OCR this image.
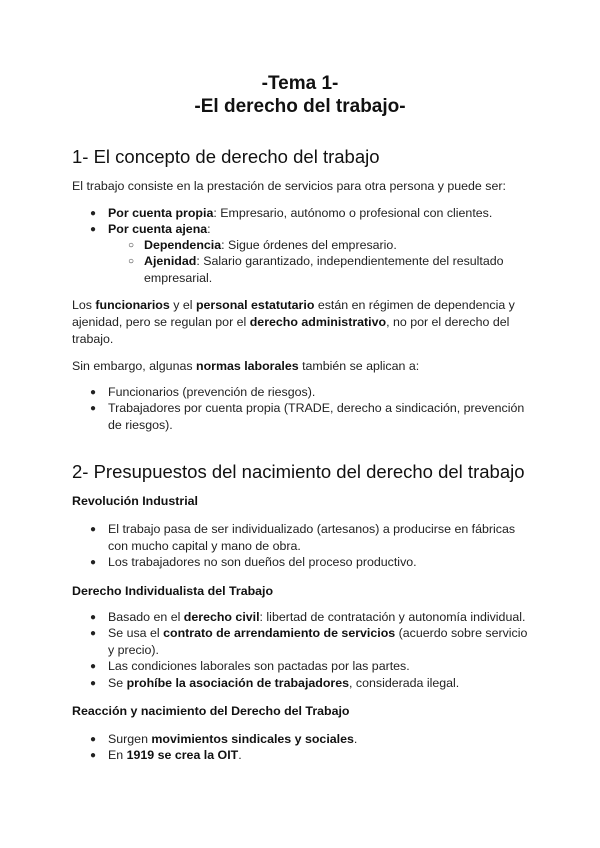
-Tema 1-
-El derecho del trabajo-
1- El concepto de derecho del trabajo
El trabajo consiste en la prestación de servicios para otra persona y puede ser:
● Por cuenta propia: Empresario, autónomo o profesional con clientes.
● Por cuenta ajena:
○ Dependencia: Sigue órdenes del empresario.
○ Ajenidad: Salario garantizado, independientemente del resultado empresarial.
Los funcionarios y el personal estatutario están en régimen de dependencia y ajenidad, pero se regulan por el derecho administrativo, no por el derecho del trabajo.
Sin embargo, algunas normas laborales también se aplican a:
● Funcionarios (prevención de riesgos).
● Trabajadores por cuenta propia (TRADE, derecho a sindicación, prevención de riesgos).
2- Presupuestos del nacimiento del derecho del trabajo
Revolución Industrial
● El trabajo pasa de ser individualizado (artesanos) a producirse en fábricas con mucho capital y mano de obra.
● Los trabajadores no son dueños del proceso productivo.
Derecho Individualista del Trabajo
● Basado en el derecho civil: libertad de contratación y autonomía individual.
● Se usa el contrato de arrendamiento de servicios (acuerdo sobre servicio y precio).
● Las condiciones laborales son pactadas por las partes.
● Se prohíbe la asociación de trabajadores, considerada ilegal.
Reacción y nacimiento del Derecho del Trabajo
● Surgen movimientos sindicales y sociales.
● En 1919 se crea la OIT.
